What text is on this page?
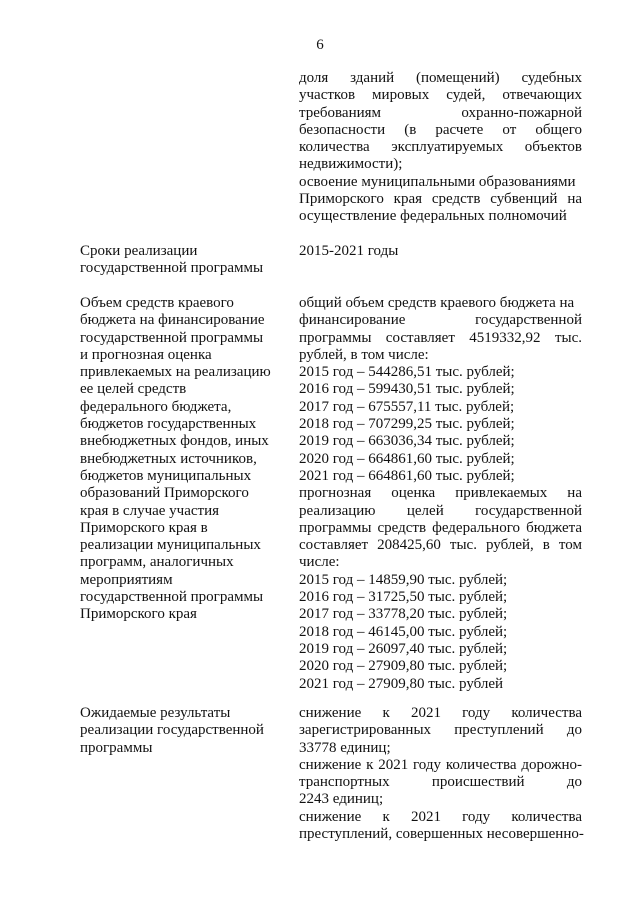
6
доля зданий (помещений) судебных
участков мировых судей, отвечающих
требованиям охранно-пожарной
безопасности (в расчете от общего
количества эксплуатируемых объектов
недвижимости);
освоение муниципальными образованиями
Приморского края средств субвенций на
осуществление федеральных полномочий
Сроки реализации
государственной программы
2015-2021 годы
Объем средств краевого
бюджета на финансирование
государственной программы
и прогнозная оценка
привлекаемых на реализацию
ее целей средств
федерального бюджета,
бюджетов государственных
внебюджетных фондов, иных
внебюджетных источников,
бюджетов муниципальных
образований Приморского
края в случае участия
Приморского края в
реализации муниципальных
программ, аналогичных
мероприятиям
государственной программы
Приморского края
общий объем средств краевого бюджета на
финансирование государственной
программы составляет 4519332,92 тыс.
рублей, в том числе:
2015 год – 544286,51 тыс. рублей;
2016 год – 599430,51 тыс. рублей;
2017 год – 675557,11 тыс. рублей;
2018 год – 707299,25 тыс. рублей;
2019 год – 663036,34 тыс. рублей;
2020 год – 664861,60 тыс. рублей;
2021 год – 664861,60 тыс. рублей;
прогнозная оценка привлекаемых на
реализацию целей государственной
программы средств федерального бюджета
составляет 208425,60 тыс. рублей, в том
числе:
2015 год – 14859,90 тыс. рублей;
2016 год – 31725,50 тыс. рублей;
2017 год – 33778,20 тыс. рублей;
2018 год – 46145,00 тыс. рублей;
2019 год – 26097,40 тыс. рублей;
2020 год – 27909,80 тыс. рублей;
2021 год – 27909,80 тыс. рублей
Ожидаемые результаты
реализации государственной
программы
снижение к 2021 году количества
зарегистрированных преступлений до
33778 единиц;
снижение к 2021 году количества дорожно-
транспортных происшествий до
2243 единиц;
снижение к 2021 году количества
преступлений, совершенных несовершенно-
